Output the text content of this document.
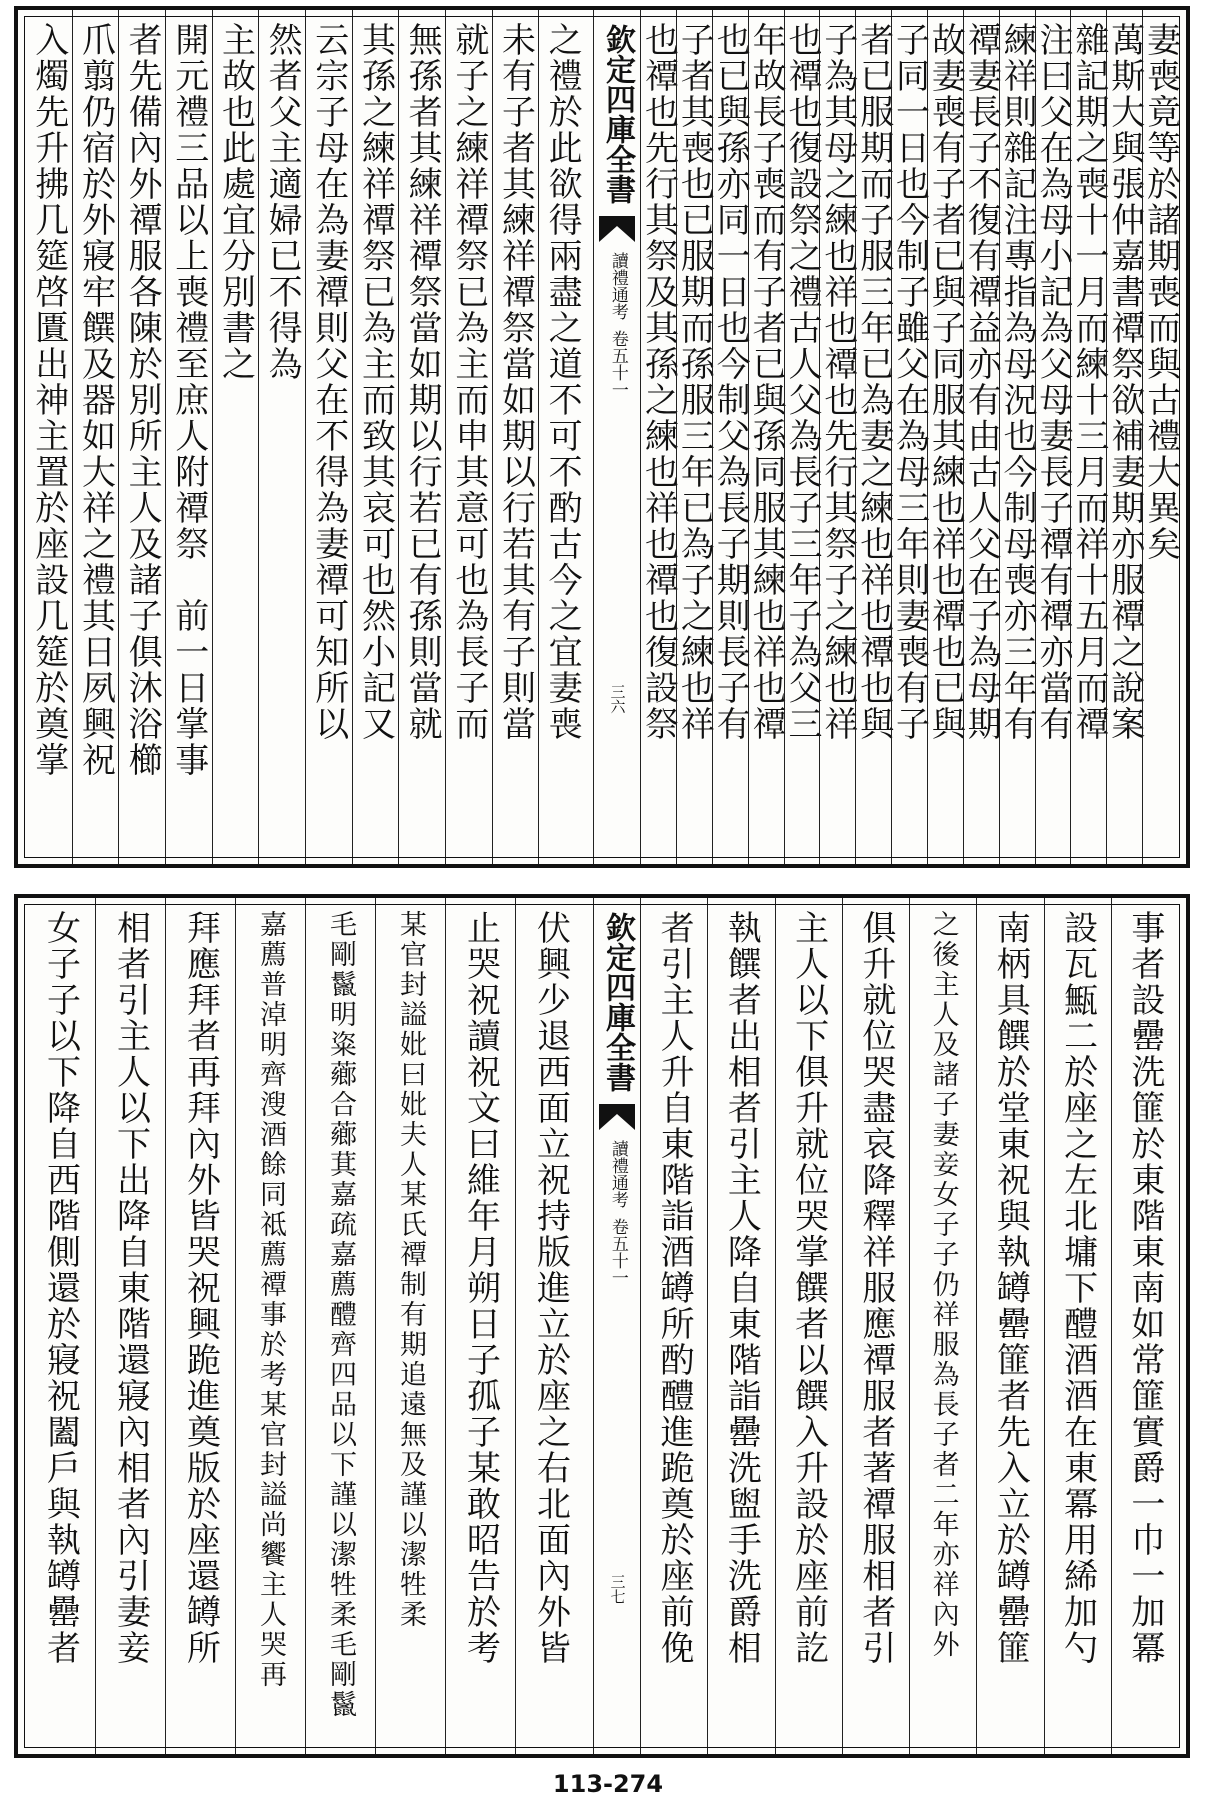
妻喪竟等於諸期喪而與古禮大異矣
萬斯大與張仲嘉書禫祭欲補妻期亦服禫之說案
雜記期之喪十一月而練十三月而祥十五月而禫
注曰父在為母小記為父母妻長子禫有禫亦當有
練祥則雜記注專指為母況也今制母喪亦三年有
禫妻長子不復有禫益亦有由古人父在子為母期
故妻喪有子者已與子同服其練也祥也禫也已與
子同一日也今制子雖父在為母三年則妻喪有子
者已服期而子服三年已為妻之練也祥也禫也與
子為其母之練也祥也禫也先行其祭子之練也祥
也禫也復設祭之禮古人父為長子三年子為父三
年故長子喪而有子者已與孫同服其練也祥也禫
也已與孫亦同一日也今制父為長子期則長子有
子者其喪也已服期而孫服三年已為子之練也祥
也禫也先行其祭及其孫之練也祥也禫也復設祭
欽定四庫全書
讀禮通考
卷五十一
三六
之禮於此欲得兩盡之道不可不酌古今之宜妻喪
未有子者其練祥禫祭當如期以行若其有子則當
就子之練祥禫祭已為主而申其意可也為長子而
無孫者其練祥禫祭當如期以行若已有孫則當就
其孫之練祥禫祭已為主而致其哀可也然小記又
云宗子母在為妻禫則父在不得為妻禫可知所以
然者父主適婦已不得為
主故也此處宜分別書之
開元禮三品以上喪禮至庶人附禫祭　前一日掌事
者先備內外禫服各陳於別所主人及諸子俱沐浴櫛
爪翦仍宿於外寢牢饌及器如大祥之禮其日夙興祝
入燭先升拂几筵啓匱出神主置於座設几筵於奠掌
事者設罍洗篚於東階東南如常篚實爵一巾一加冪
設瓦甒二於座之左北墉下醴酒酒在東冪用絺加勺
南柄具饌於堂東祝與執罇罍篚者先入立於罇罍篚
之後主人及諸子妻妾女子子仍祥服為長子者二年亦祥內外
俱升就位哭盡哀降釋祥服應禫服者著禫服相者引
主人以下俱升就位哭掌饌者以饌入升設於座前訖
執饌者出相者引主人降自東階詣罍洗盥手洗爵相
者引主人升自東階詣酒罇所酌醴進跪奠於座前俛
欽定四庫全書
讀禮通考
卷五十一
三七
伏興少退西面立祝持版進立於座之右北面內外皆
止哭祝讀祝文曰維年月朔日子孤子某敢昭告於考
某官封謚妣曰妣夫人某氏禫制有期追遠無及謹以潔牲柔
毛剛鬣明粢薌合薌萁嘉疏嘉薦醴齊四品以下謹以潔牲柔毛剛鬣
嘉薦普淖明齊溲酒餘同祗薦禫事於考某官封謚尚饗主人哭再
拜應拜者再拜內外皆哭祝興跪進奠版於座還罇所
相者引主人以下出降自東階還寢內相者內引妻妾
女子子以下降自西階側還於寢祝闔戶與執罇罍者
113-274
